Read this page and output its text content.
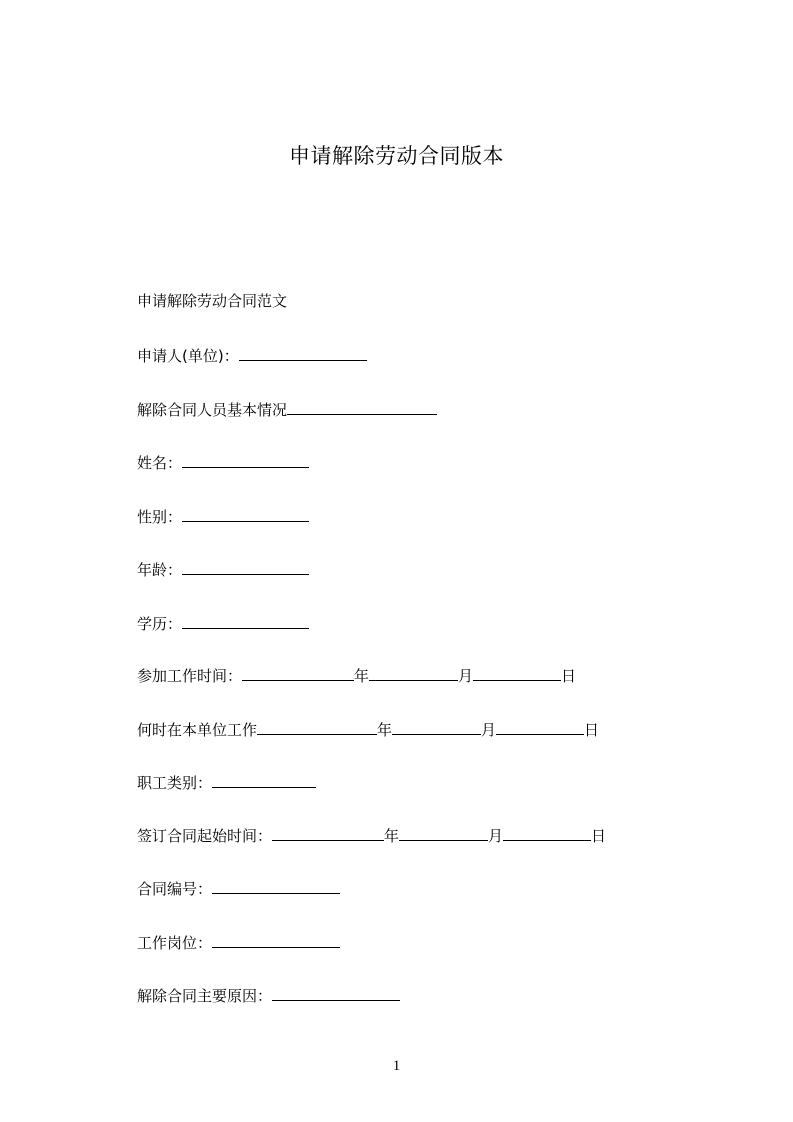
申请解除劳动合同版本
申请解除劳动合同范文
申请人(单位)：
解除合同人员基本情况
姓名：
性别：
年龄：
学历：
参加工作时间：	年	月	日
何时在本单位工作	年	月	日
职工类别：
签订合同起始时间：	年	月	日
合同编号：
工作岗位：
解除合同主要原因：
1
